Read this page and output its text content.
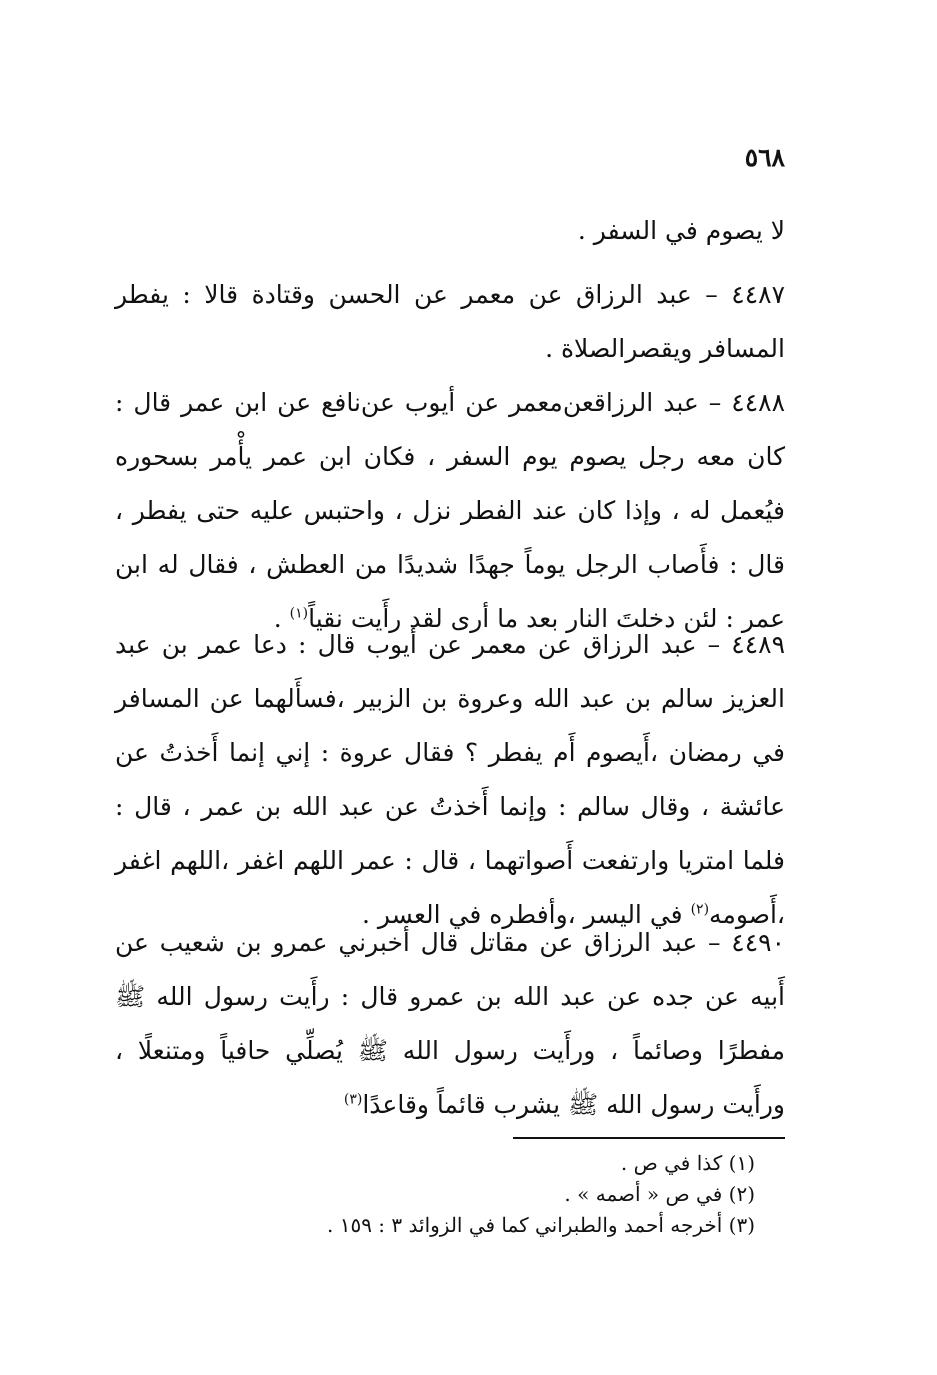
٥٦٨

لا يصوم في السفر .

٤٤٨٧ – عبد الرزاق عن معمر عن الحسن وقتادة قالا : يفطر المسافر ويقصرالصلاة .

٤٤٨٨ – عبد الرزاقعن‌معمر عن أيوب عن‌نافع عن ابن عمر قال : كان معه رجل يصوم يوم السفر ، فكان ابن عمر يأْمر بسحوره فيُعمل له ، وإذا كان عند الفطر نزل ، واحتبس عليه حتى يفطر ، قال : فأَصاب الرجل يوماً جهدًا شديدًا من العطش ، فقال له ابن عمر : لئن دخلتَ النار بعد ما أرى لقد رأَيت نقياً$^{(١)}$ .

٤٤٨٩ – عبد الرزاق عن معمر عن أيوب قال : دعا عمر بن عبد العزيز سالم بن عبد الله وعروة بن الزبير ،فسأَلهما عن المسافر في رمضان ،أَيصوم أَم يفطر ؟ فقال عروة : إني إنما أَخذتُ عن عائشة ، وقال سالم : وإنما أَخذتُ عن عبد الله بن عمر ، قال : فلما امتريا وارتفعت أَصواتهما ، قال : عمر اللهم اغفر ،اللهم اغفر ،أَصومه$^{(٢)}$ في اليسر ،وأفطره في العسر .

٤٤٩٠ – عبد الرزاق عن مقاتل قال أخبرني عمرو بن شعيب عن أَبيه عن جده عن عبد الله بن عمرو قال : رأَيت رسول الله ﷺ مفطرًا وصائماً ، ورأَيت رسول الله ﷺ يُصلِّي حافياً ومتنعلًا ، ورأَيت رسول الله ﷺ يشرب قائماً وقاعدًا$^{(٣)}$

(١) كذا في ص .
(٢) في ص « أصمه » .
(٣) أخرجه أحمد والطبراني كما في الزوائد ٣ : ١٥٩ .
